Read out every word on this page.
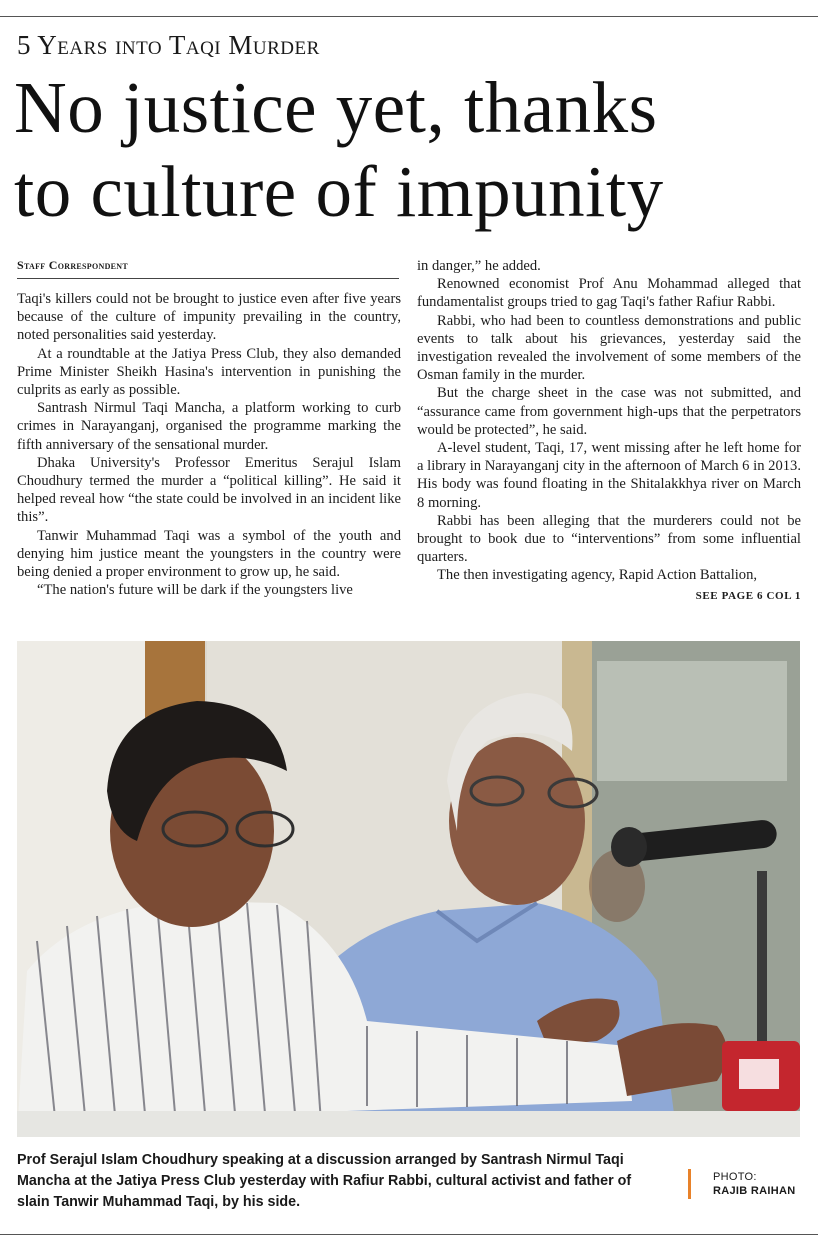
5 Years into Taqi Murder
No justice yet, thanks
to culture of impunity
Staff Correspondent

Taqi's killers could not be brought to justice even after five years because of the culture of impunity prevailing in the country, noted personalities said yesterday.

At a roundtable at the Jatiya Press Club, they also demanded Prime Minister Sheikh Hasina's intervention in punishing the culprits as early as possible.

Santrash Nirmul Taqi Mancha, a platform working to curb crimes in Narayanganj, organised the programme marking the fifth anniversary of the sensational murder.

Dhaka University's Professor Emeritus Serajul Islam Choudhury termed the murder a “political killing”. He said it helped reveal how “the state could be involved in an incident like this”.

Tanwir Muhammad Taqi was a symbol of the youth and denying him justice meant the youngsters in the country were being denied a proper environment to grow up, he said.

“The nation's future will be dark if the youngsters live

in danger,” he added.

Renowned economist Prof Anu Mohammad alleged that fundamentalist groups tried to gag Taqi's father Rafiur Rabbi.

Rabbi, who had been to countless demonstrations and public events to talk about his grievances, yesterday said the investigation revealed the involvement of some members of the Osman family in the murder.

But the charge sheet in the case was not submitted, and “assurance came from government high-ups that the perpetrators would be protected”, he said.

A-level student, Taqi, 17, went missing after he left home for a library in Narayanganj city in the afternoon of March 6 in 2013. His body was found floating in the Shitalakkhya river on March 8 morning.

Rabbi has been alleging that the murderers could not be brought to book due to “interventions” from some influential quarters.

The then investigating agency, Rapid Action Battalion,

SEE PAGE 6 COL 1
Prof Serajul Islam Choudhury speaking at a discussion arranged by Santrash Nirmul Taqi Mancha at the Jatiya Press Club yesterday with Rafiur Rabbi, cultural activist and father of slain Tanwir Muhammad Taqi, by his side.
PHOTO:
RAJIB RAIHAN
